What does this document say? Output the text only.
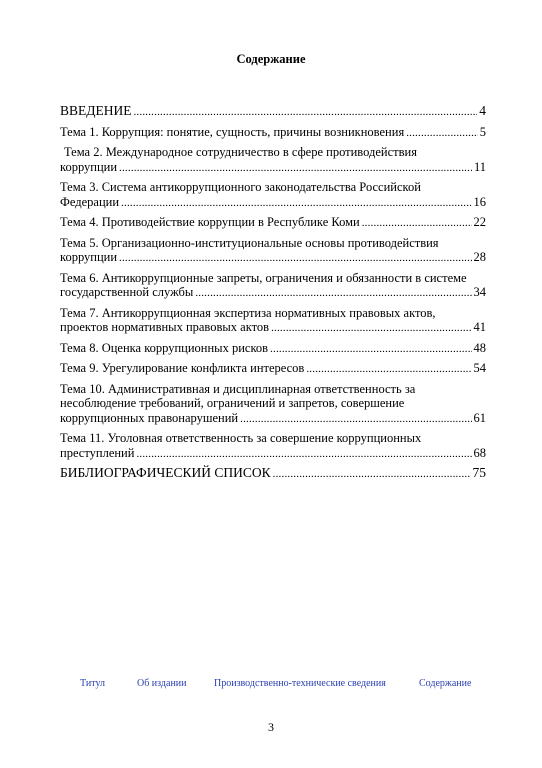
Содержание
ВВЕДЕНИЕ .....	4
Тема 1. Коррупция: понятие, сущность, причины возникновения .....	5
Тема 2. Международное сотрудничество в сфере противодействия
коррупции .....	11
Тема 3. Система антикоррупционного законодательства Российской
Федерации .....	16
Тема 4. Противодействие коррупции в Республике Коми .....	22
Тема 5. Организационно-институциональные основы противодействия
коррупции .....	28
Тема 6. Антикоррупционные запреты, ограничения и обязанности в системе
государственной службы .....	34
Тема 7. Антикоррупционная экспертиза нормативных правовых актов,
проектов нормативных правовых актов .....	41
Тема 8. Оценка коррупционных рисков .....	48
Тема 9. Урегулирование конфликта интересов .....	54
Тема 10. Административная и дисциплинарная ответственность за
несоблюдение требований, ограничений и запретов, совершение
коррупционных правонарушений .....	61
Тема 11. Уголовная ответственность за совершение коррупционных
преступлений .....	68
БИБЛИОГРАФИЧЕСКИЙ СПИСОК .....	75
Титул	Об издании	Производственно-технические сведения	Содержание
3
